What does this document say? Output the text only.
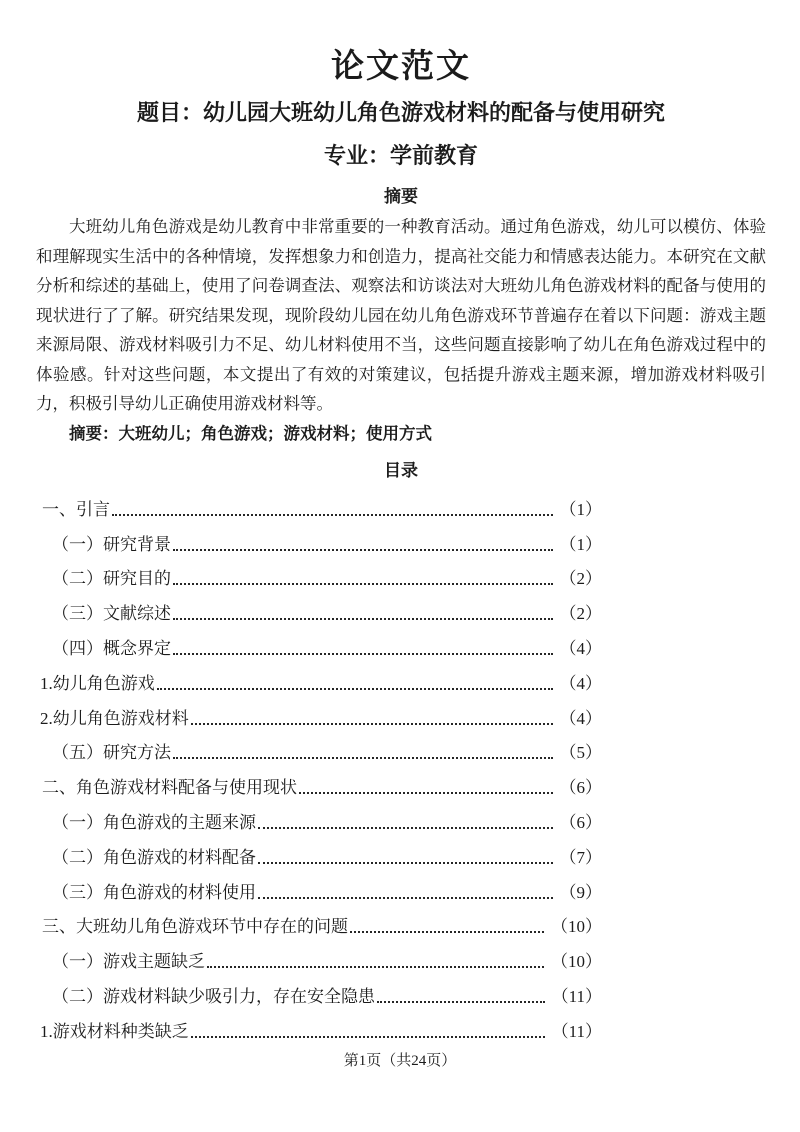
论文范文
题目：幼儿园大班幼儿角色游戏材料的配备与使用研究
专业：学前教育
摘要
大班幼儿角色游戏是幼儿教育中非常重要的一种教育活动。通过角色游戏，幼儿可以模仿、体验和理解现实生活中的各种情境，发挥想象力和创造力，提高社交能力和情感表达能力。本研究在文献分析和综述的基础上，使用了问卷调查法、观察法和访谈法对大班幼儿角色游戏材料的配备与使用的现状进行了了解。研究结果发现，现阶段幼儿园在幼儿角色游戏环节普遍存在着以下问题：游戏主题来源局限、游戏材料吸引力不足、幼儿材料使用不当，这些问题直接影响了幼儿在角色游戏过程中的体验感。针对这些问题，本文提出了有效的对策建议，包括提升游戏主题来源，增加游戏材料吸引力，积极引导幼儿正确使用游戏材料等。
摘要：大班幼儿；角色游戏；游戏材料；使用方式
目录
一、引言	（1）
（一）研究背景	（1）
（二）研究目的	（2）
（三）文献综述	（2）
（四）概念界定	（4）
1.幼儿角色游戏	（4）
2.幼儿角色游戏材料	（4）
（五）研究方法	（5）
二、角色游戏材料配备与使用现状	（6）
（一）角色游戏的主题来源	（6）
（二）角色游戏的材料配备	（7）
（三）角色游戏的材料使用	（9）
三、大班幼儿角色游戏环节中存在的问题	（10）
（一）游戏主题缺乏	（10）
（二）游戏材料缺少吸引力，存在安全隐患	（11）
1.游戏材料种类缺乏	（11）
第1页（共24页）
